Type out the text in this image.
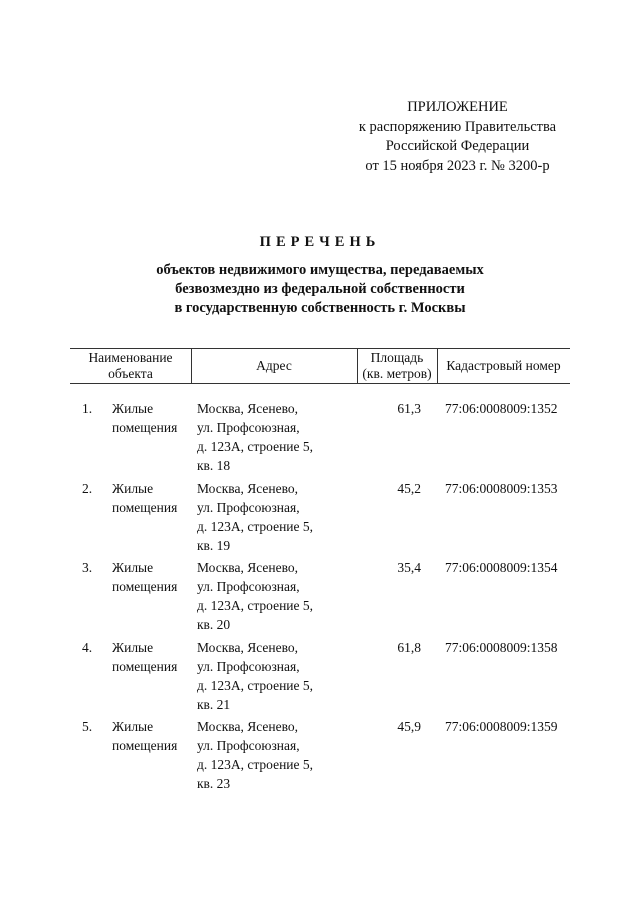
ПРИЛОЖЕНИЕ
к распоряжению Правительства
Российской Федерации
от 15 ноября 2023 г. № 3200-р
ПЕРЕЧЕНЬ
объектов недвижимого имущества, передаваемых
безвозмездно из федеральной собственности
в государственную собственность г. Москвы
Наименование
объекта
Адрес
Площадь
(кв. метров)
Кадастровый номер
1. Жилые
помещения
Москва, Ясенево,
ул. Профсоюзная,
д. 123А, строение 5,
кв. 18
61,3 77:06:0008009:1352
2. Жилые
помещения
Москва, Ясенево,
ул. Профсоюзная,
д. 123А, строение 5,
кв. 19
45,2 77:06:0008009:1353
3. Жилые
помещения
Москва, Ясенево,
ул. Профсоюзная,
д. 123А, строение 5,
кв. 20
35,4 77:06:0008009:1354
4. Жилые
помещения
Москва, Ясенево,
ул. Профсоюзная,
д. 123А, строение 5,
кв. 21
61,8 77:06:0008009:1358
5. Жилые
помещения
Москва, Ясенево,
ул. Профсоюзная,
д. 123А, строение 5,
кв. 23
45,9 77:06:0008009:1359
